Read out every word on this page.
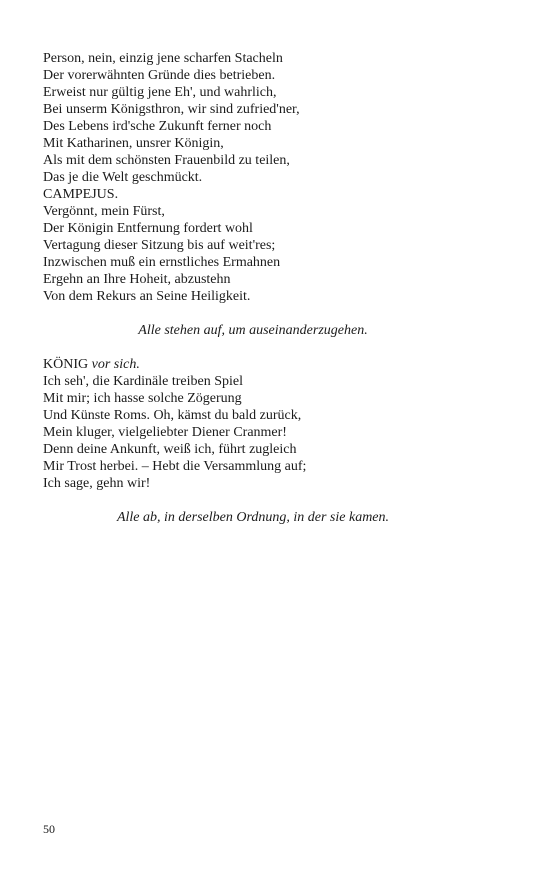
Person, nein, einzig jene scharfen Stacheln
Der vorerwähnten Gründe dies betrieben.
Erweist nur gültig jene Eh', und wahrlich,
Bei unserm Königsthron, wir sind zufried'ner,
Des Lebens ird'sche Zukunft ferner noch
Mit Katharinen, unsrer Königin,
Als mit dem schönsten Frauenbild zu teilen,
Das je die Welt geschmückt.
CAMPEJUS.
Vergönnt, mein Fürst,
Der Königin Entfernung fordert wohl
Vertagung dieser Sitzung bis auf weit'res;
Inzwischen muß ein ernstliches Ermahnen
Ergehn an Ihre Hoheit, abzustehn
Von dem Rekurs an Seine Heiligkeit.
Alle stehen auf, um auseinanderzugehen.
KÖNIG vor sich.
Ich seh', die Kardinäle treiben Spiel
Mit mir; ich hasse solche Zögerung
Und Künste Roms. Oh, kämst du bald zurück,
Mein kluger, vielgeliebter Diener Cranmer!
Denn deine Ankunft, weiß ich, führt zugleich
Mir Trost herbei. – Hebt die Versammlung auf;
Ich sage, gehn wir!
Alle ab, in derselben Ordnung, in der sie kamen.
50
